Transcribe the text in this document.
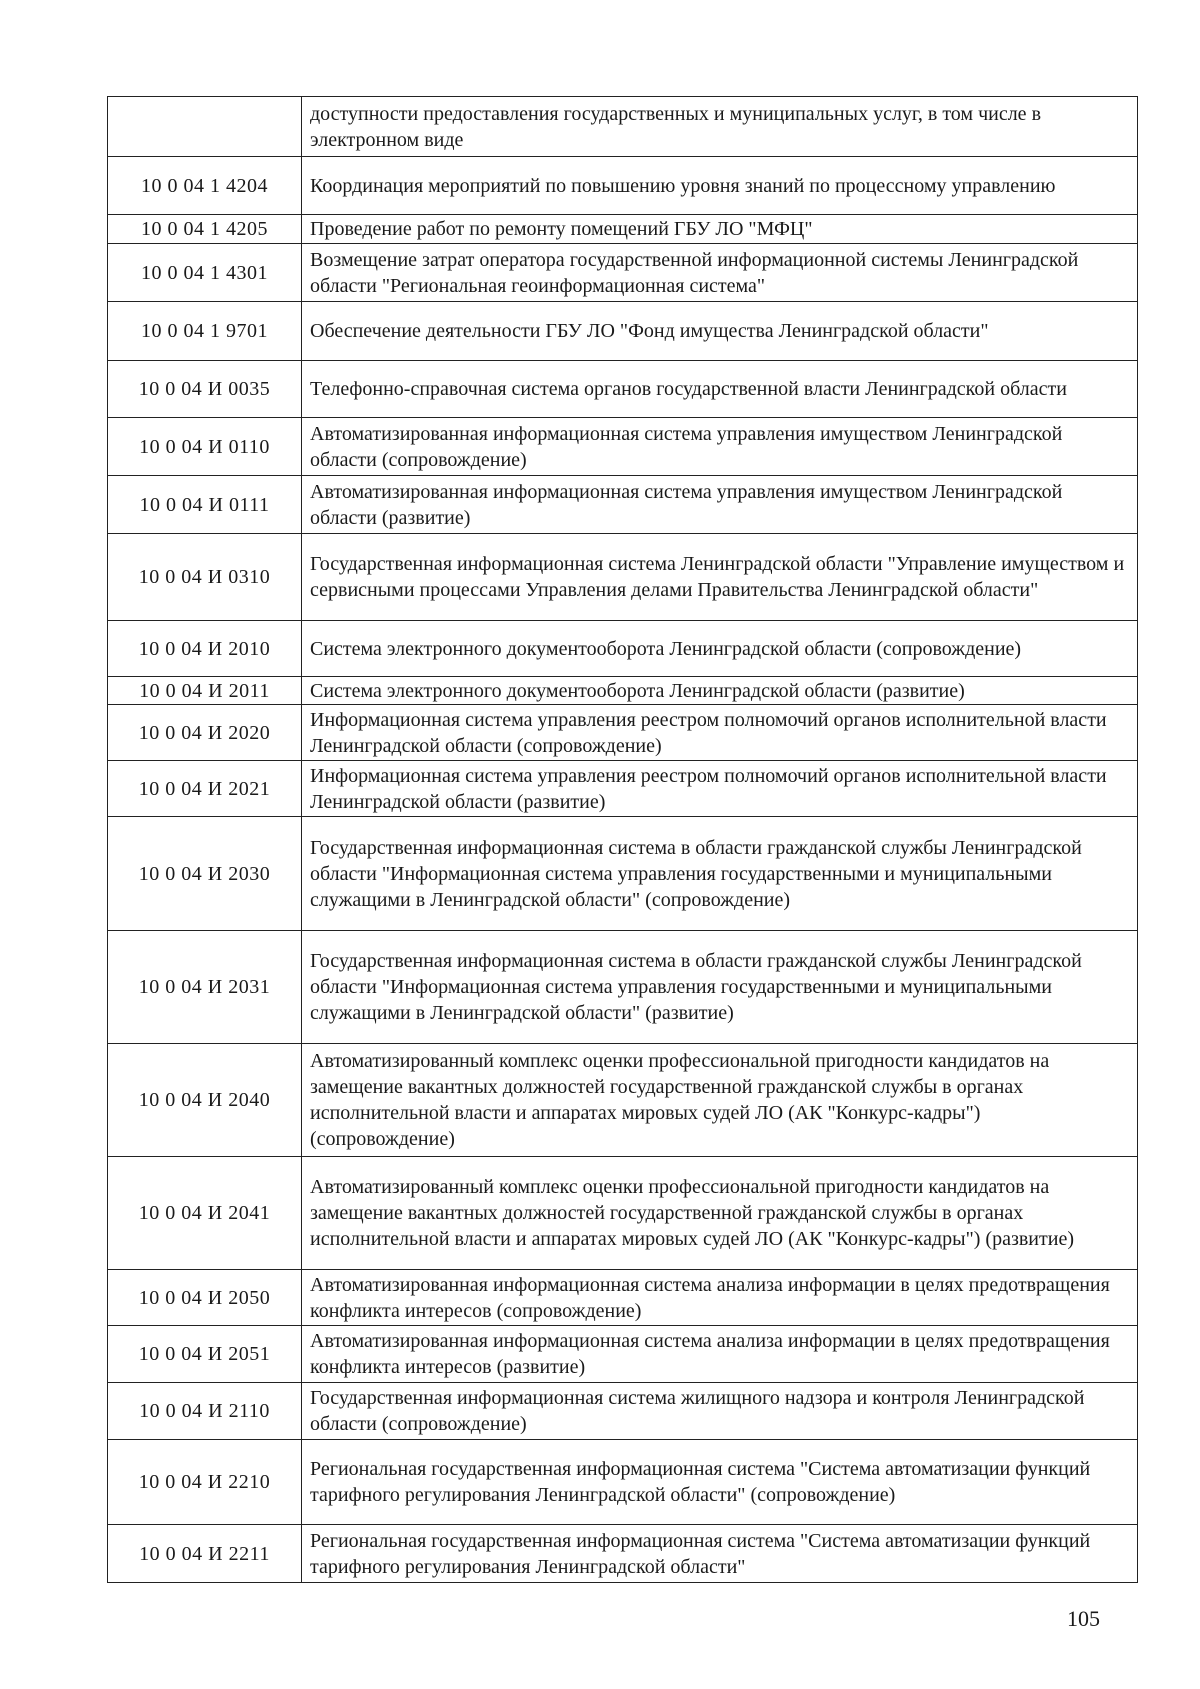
	доступности предоставления государственных и муниципальных услуг, в том числе в электронном виде
10 0 04 1 4204	Координация мероприятий по повышению уровня знаний по процессному управлению
10 0 04 1 4205	Проведение работ по ремонту помещений ГБУ ЛО "МФЦ"
10 0 04 1 4301	Возмещение затрат оператора государственной информационной системы Ленинградской области "Региональная геоинформационная система"
10 0 04 1 9701	Обеспечение деятельности ГБУ ЛО "Фонд имущества Ленинградской области"
10 0 04 И 0035	Телефонно-справочная система органов государственной власти Ленинградской области
10 0 04 И 0110	Автоматизированная информационная система управления имуществом Ленинградской области (сопровождение)
10 0 04 И 0111	Автоматизированная информационная система управления имуществом Ленинградской области (развитие)
10 0 04 И 0310	Государственная информационная система Ленинградской области "Управление имуществом и сервисными процессами Управления делами Правительства Ленинградской области"
10 0 04 И 2010	Система электронного документооборота Ленинградской области (сопровождение)
10 0 04 И 2011	Система электронного документооборота Ленинградской области (развитие)
10 0 04 И 2020	Информационная система управления реестром полномочий органов исполнительной власти Ленинградской области (сопровождение)
10 0 04 И 2021	Информационная система управления реестром полномочий органов исполнительной власти Ленинградской области (развитие)
10 0 04 И 2030	Государственная информационная система в области гражданской службы Ленинградской области "Информационная система управления государственными и муниципальными служащими в Ленинградской области" (сопровождение)
10 0 04 И 2031	Государственная информационная система в области гражданской службы Ленинградской области "Информационная система управления государственными и муниципальными служащими в Ленинградской области" (развитие)
10 0 04 И 2040	Автоматизированный комплекс оценки профессиональной пригодности кандидатов на замещение вакантных должностей государственной гражданской службы в органах исполнительной власти и аппаратах мировых судей ЛО (АК "Конкурс-кадры") (сопровождение)
10 0 04 И 2041	Автоматизированный комплекс оценки профессиональной пригодности кандидатов на замещение вакантных должностей государственной гражданской службы в органах исполнительной власти и аппаратах мировых судей ЛО (АК "Конкурс-кадры") (развитие)
10 0 04 И 2050	Автоматизированная информационная система анализа информации в целях предотвращения конфликта интересов (сопровождение)
10 0 04 И 2051	Автоматизированная информационная система анализа информации в целях предотвращения конфликта интересов (развитие)
10 0 04 И 2110	Государственная информационная система жилищного надзора и контроля Ленинградской области (сопровождение)
10 0 04 И 2210	Региональная государственная информационная система "Система автоматизации функций тарифного регулирования Ленинградской области" (сопровождение)
10 0 04 И 2211	Региональная государственная информационная система "Система автоматизации функций тарифного регулирования Ленинградской области"
105
